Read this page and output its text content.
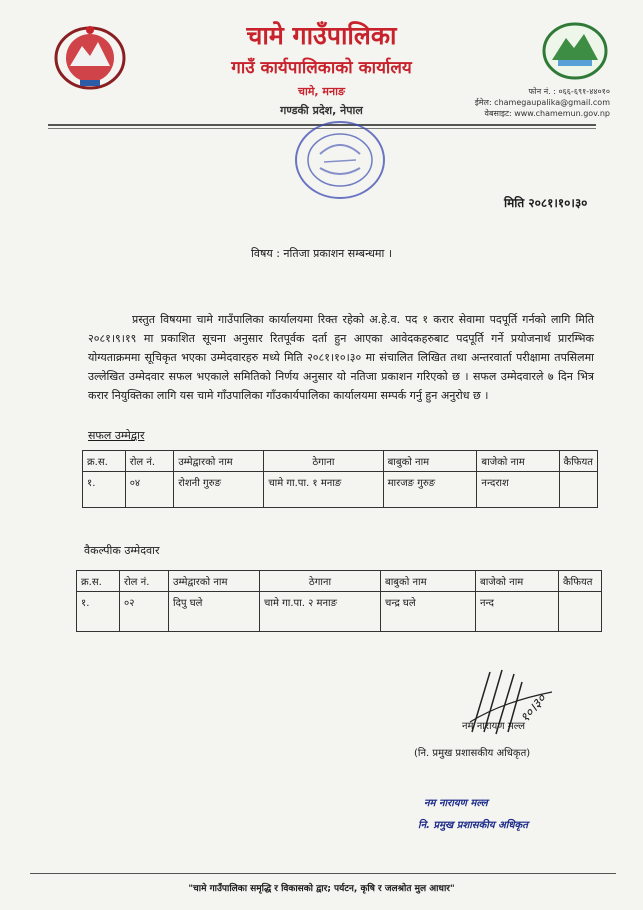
चामे गाउँपालिका
गाउँ कार्यपालिकाको कार्यालय
चामे, मनाङ
गण्डकी प्रदेश, नेपाल
फोन नं. : ०६६-६९१-४४०१०
ईमेल: chamegaupalika@gmail.com
वेबसाइट: www.chamemun.gov.np
मिति २०८१।१०।३०
विषय : नतिजा प्रकाशन सम्बन्धमा ।
प्रस्तुत विषयमा चामे गाउँपालिका कार्यालयमा रिक्त रहेको अ.हे.व. पद १ करार सेवामा पदपूर्ति गर्नको लागि मिति २०८१।९।१९ मा प्रकाशित सूचना अनुसार रितपूर्वक दर्ता हुन आएका आवेदकहरुबाट पदपूर्ति गर्ने प्रयोजनार्थ प्रारम्भिक योग्यताक्रममा सूचिकृत भएका उम्मेदवारहरु मध्ये मिति २०८१।१०।३० मा संचालित लिखित तथा अन्तरवार्ता परीक्षामा तपसिलमा उल्लेखित उम्मेदवार सफल भएकाले समितिको निर्णय अनुसार यो नतिजा प्रकाशन गरिएको छ । सफल उम्मेदवारले ७ दिन भित्र करार नियुक्तिका लागि यस चामे गाँउपालिका गाँउकार्यपालिका कार्यालयमा सम्पर्क गर्नु हुन अनुरोध छ ।
सफल उम्मेद्वार
क्र.स.	रोल नं.	उम्मेद्वारको नाम	ठेगाना	बाबुको नाम	बाजेको नाम	कैफियत
१.	०४	रोशनी गुरुङ	चामे गा.पा. १ मनाङ	मारजङ गुरुङ	नन्दराश	
वैकल्पीक उम्मेदवार
क्र.स.	रोल नं.	उम्मेद्वारको नाम	ठेगाना	बाबुको नाम	बाजेको नाम	कैफियत
१.	०२	दिपु घले	चामे गा.पा. २ मनाङ	चन्द्र घले	नन्द	
१०।३०
नम नारायण मल्ल
(नि. प्रमुख प्रशासकीय अधिकृत)
नम नारायण मल्ल
नि. प्रमुख प्रशासकीय अधिकृत
"चामे गाउँपालिका समृद्धि र विकासको द्वार; पर्यटन, कृषि र जलश्रोत मुल आधार"
